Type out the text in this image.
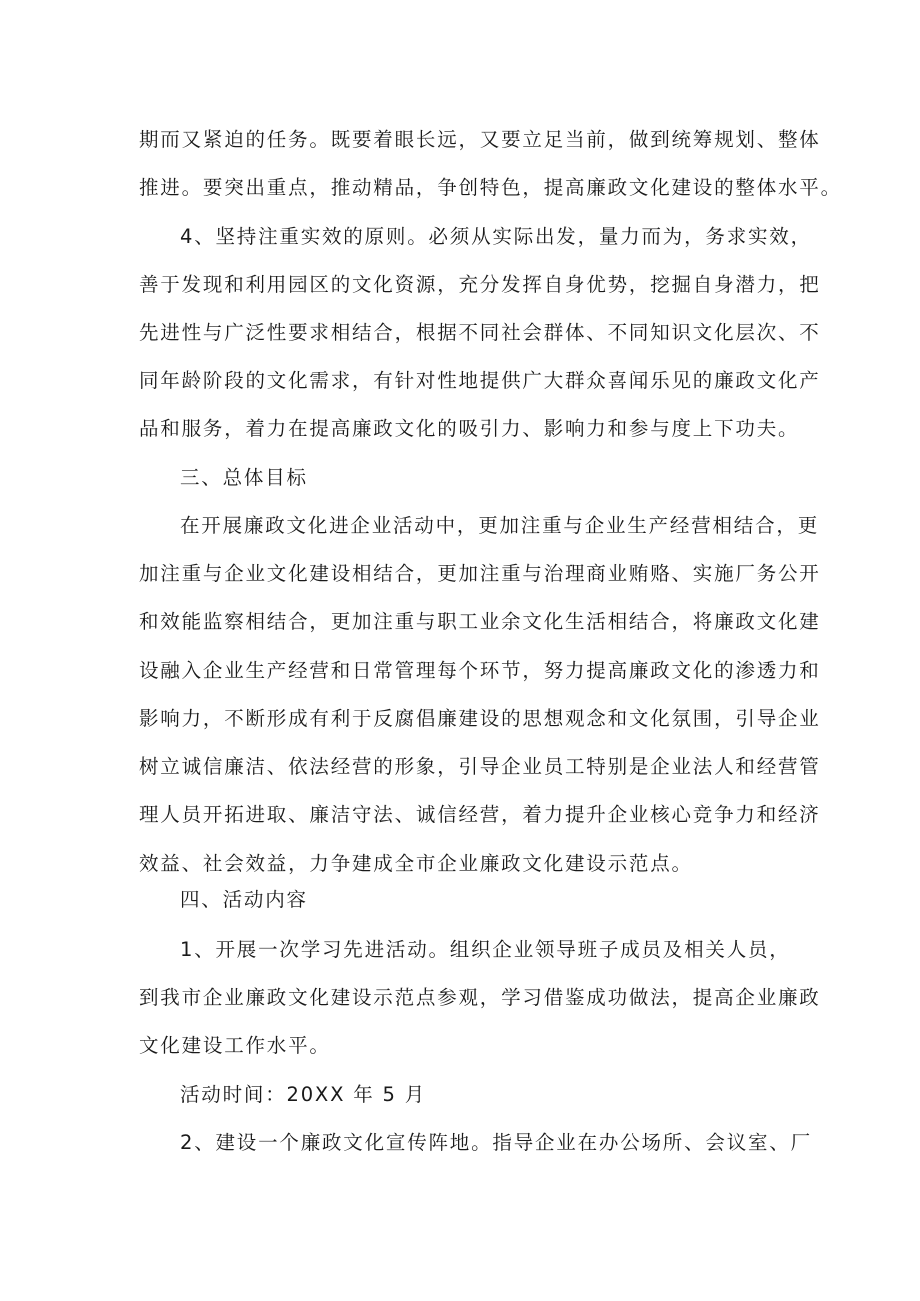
期而又紧迫的任务。既要着眼长远，又要立足当前，做到统筹规划、整体
推进。要突出重点，推动精品，争创特色，提高廉政文化建设的整体水平。
4、坚持注重实效的原则。必须从实际出发，量力而为，务求实效，
善于发现和利用园区的文化资源，充分发挥自身优势，挖掘自身潜力，把
先进性与广泛性要求相结合，根据不同社会群体、不同知识文化层次、不
同年龄阶段的文化需求，有针对性地提供广大群众喜闻乐见的廉政文化产
品和服务，着力在提高廉政文化的吸引力、影响力和参与度上下功夫。
三、总体目标
在开展廉政文化进企业活动中，更加注重与企业生产经营相结合，更
加注重与企业文化建设相结合，更加注重与治理商业贿赂、实施厂务公开
和效能监察相结合，更加注重与职工业余文化生活相结合，将廉政文化建
设融入企业生产经营和日常管理每个环节，努力提高廉政文化的渗透力和
影响力，不断形成有利于反腐倡廉建设的思想观念和文化氛围，引导企业
树立诚信廉洁、依法经营的形象，引导企业员工特别是企业法人和经营管
理人员开拓进取、廉洁守法、诚信经营，着力提升企业核心竞争力和经济
效益、社会效益，力争建成全市企业廉政文化建设示范点。
四、活动内容
1、开展一次学习先进活动。组织企业领导班子成员及相关人员，
到我市企业廉政文化建设示范点参观，学习借鉴成功做法，提高企业廉政
文化建设工作水平。
活动时间：20XX 年 5 月
2、建设一个廉政文化宣传阵地。指导企业在办公场所、会议室、厂
